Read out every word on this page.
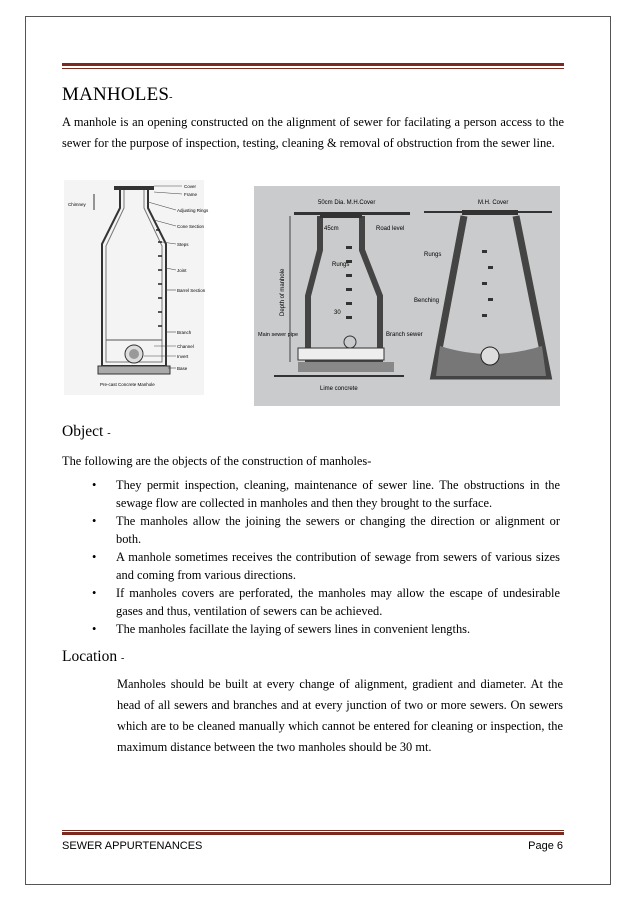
MANHOLES-
A manhole is an opening constructed on the alignment of sewer for facilating a person access to the sewer for the purpose of inspection, testing, cleaning & removal of obstruction from the sewer line.
Cover
Frame
Adjusting Rings
Cone Section
Steps
Joint
Barrel Section
Branch
Channel
Invert
Base
Chimney
Pre-cast Concrete Manhole
50cm Dia. M.H.Cover
45cm	Road level
Rungs
Depth of manhole	30
Main sewer pipe	Branch sewer
Lime concrete
M.H. Cover
Rungs
Benching
Object -
The following are the objects of the construction of manholes-
• They permit inspection, cleaning, maintenance of sewer line. The obstructions in the sewage flow are collected in manholes and then they brought to the surface.
• The manholes allow the joining the sewers or changing the direction or alignment or both.
• A manhole sometimes receives the contribution of sewage from sewers of various sizes and coming from various directions.
• If manholes covers are perforated, the manholes may allow the escape of undesirable gases and thus, ventilation of sewers can be achieved.
• The manholes facillate the laying of sewers lines in convenient lengths.
Location -
Manholes should be built at every change of alignment, gradient and diameter. At the head of all sewers and branches and at every junction of two or more sewers. On sewers which are to be cleaned manually which cannot be entered for cleaning or inspection, the maximum distance between the two manholes should be 30 mt.
SEWER APPURTENANCES	Page 6
